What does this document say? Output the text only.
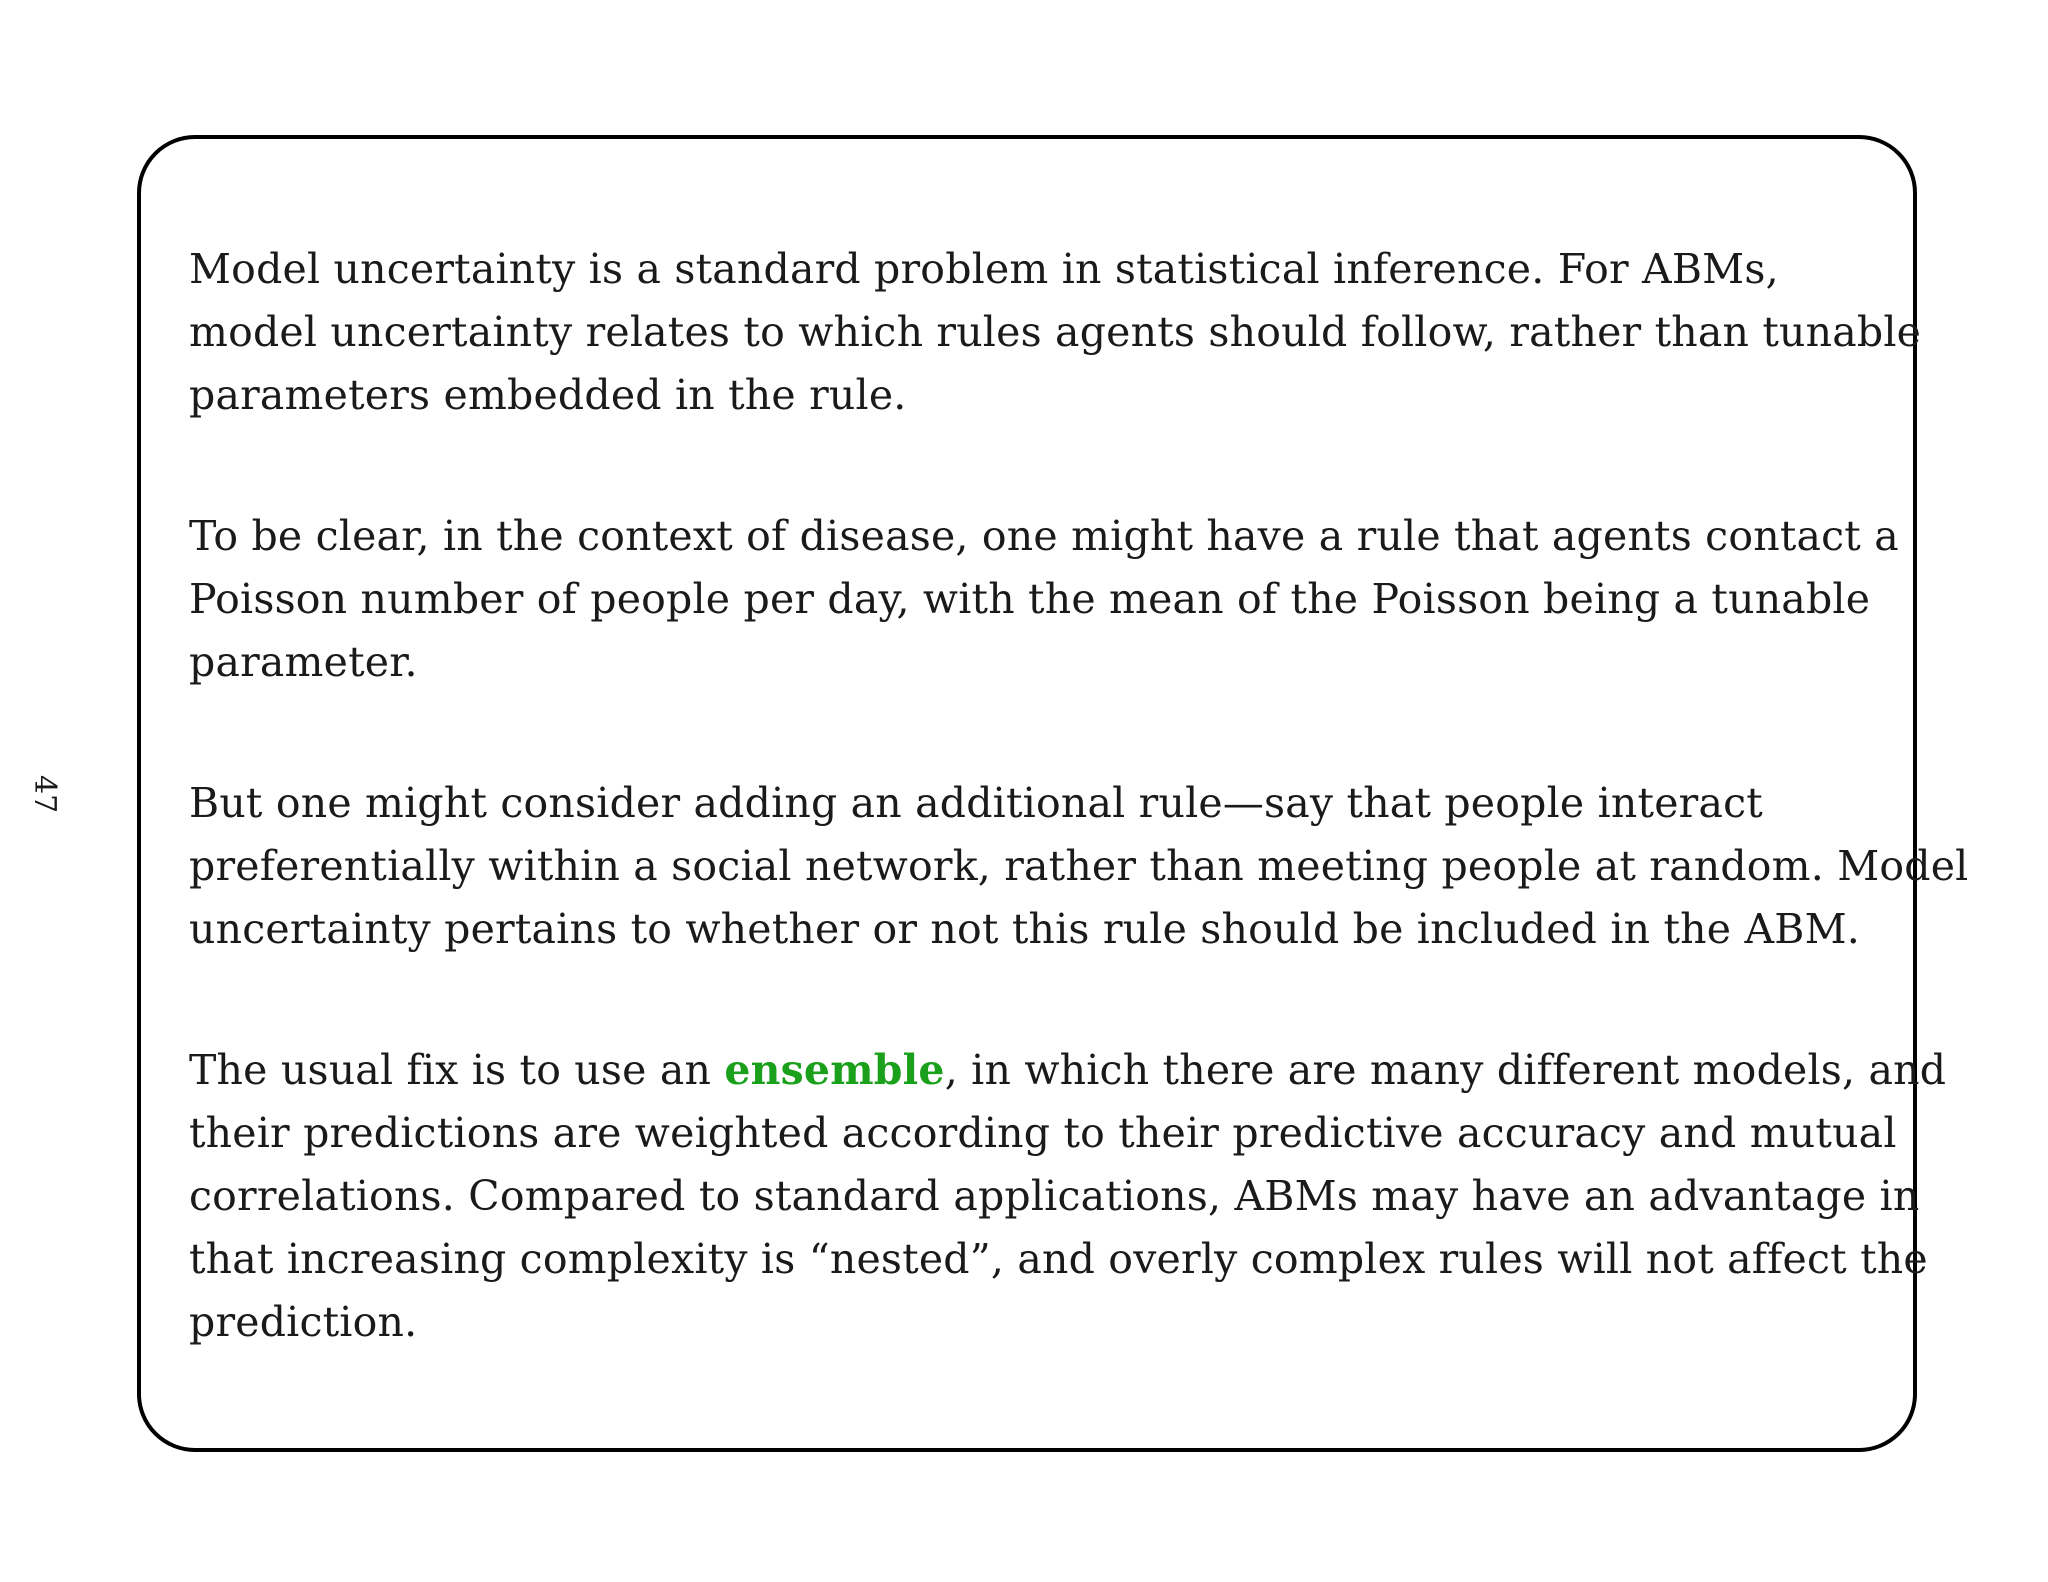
47

Model uncertainty is a standard problem in statistical inference. For ABMs,
model uncertainty relates to which rules agents should follow, rather than tunable
parameters embedded in the rule.

To be clear, in the context of disease, one might have a rule that agents contact a
Poisson number of people per day, with the mean of the Poisson being a tunable
parameter.

But one might consider adding an additional rule—say that people interact
preferentially within a social network, rather than meeting people at random. Model
uncertainty pertains to whether or not this rule should be included in the ABM.

The usual fix is to use an ensemble, in which there are many different models, and
their predictions are weighted according to their predictive accuracy and mutual
correlations. Compared to standard applications, ABMs may have an advantage in
that increasing complexity is “nested”, and overly complex rules will not affect the
prediction.
